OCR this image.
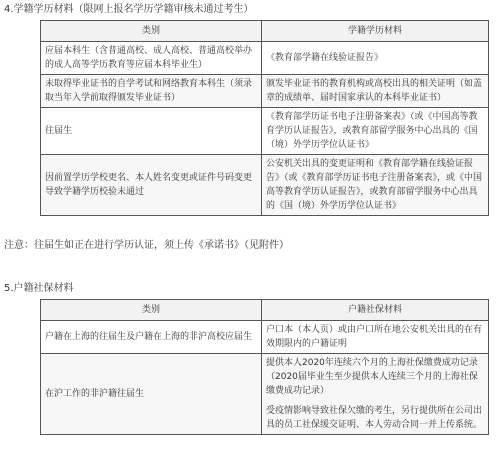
4.学籍学历材料（限网上报名学历学籍审核未通过考生）
类别	学籍学历材料
应届本科生（含普通高校、成人高校、普通高校举办的成人高等学历教育等应届本科毕业生）	《教育部学籍在线验证报告》
未取得毕业证书的自学考试和网络教育本科生（须录取当年入学前取得颁发毕业证书）	颁发毕业证书的教育机构或高校出具的相关证明（如盖章的成绩单、届时国家承认的本科毕业证书）
往届生	《教育部学历证书电子注册备案表》（或《中国高等教育学历认证报告》，或教育部留学服务中心出具的《国（境）外学历学位认证书》
因前置学历学校更名、本人姓名变更或证件号码变更导致学籍学历校验未通过	公安机关出具的变更证明和《教育部学籍在线验证报告》（或《教育部学历证书电子注册备案表》，或《中国高等教育学历认证报告》，或教育部留学服务中心出具的《国（境）外学历学位认证书》
注意：往届生如正在进行学历认证，须上传《承诺书》（见附件）
5.户籍社保材料
类别	户籍社保材料
户籍在上海的往届生及户籍在上海的非沪高校应届生	户口本（本人页）或由户口所在地公安机关出具的在有效期限内的户籍证明

在沪工作的非沪籍往届生	提供本人2020年连续六个月的上海社保缴费成功记录（2020届毕业生至少提供本人连续三个月的上海社保缴费成功记录）

受疫情影响导致社保欠缴的考生，另行提供所在公司出具的员工社保缓交证明、本人劳动合同一并上传系统。
